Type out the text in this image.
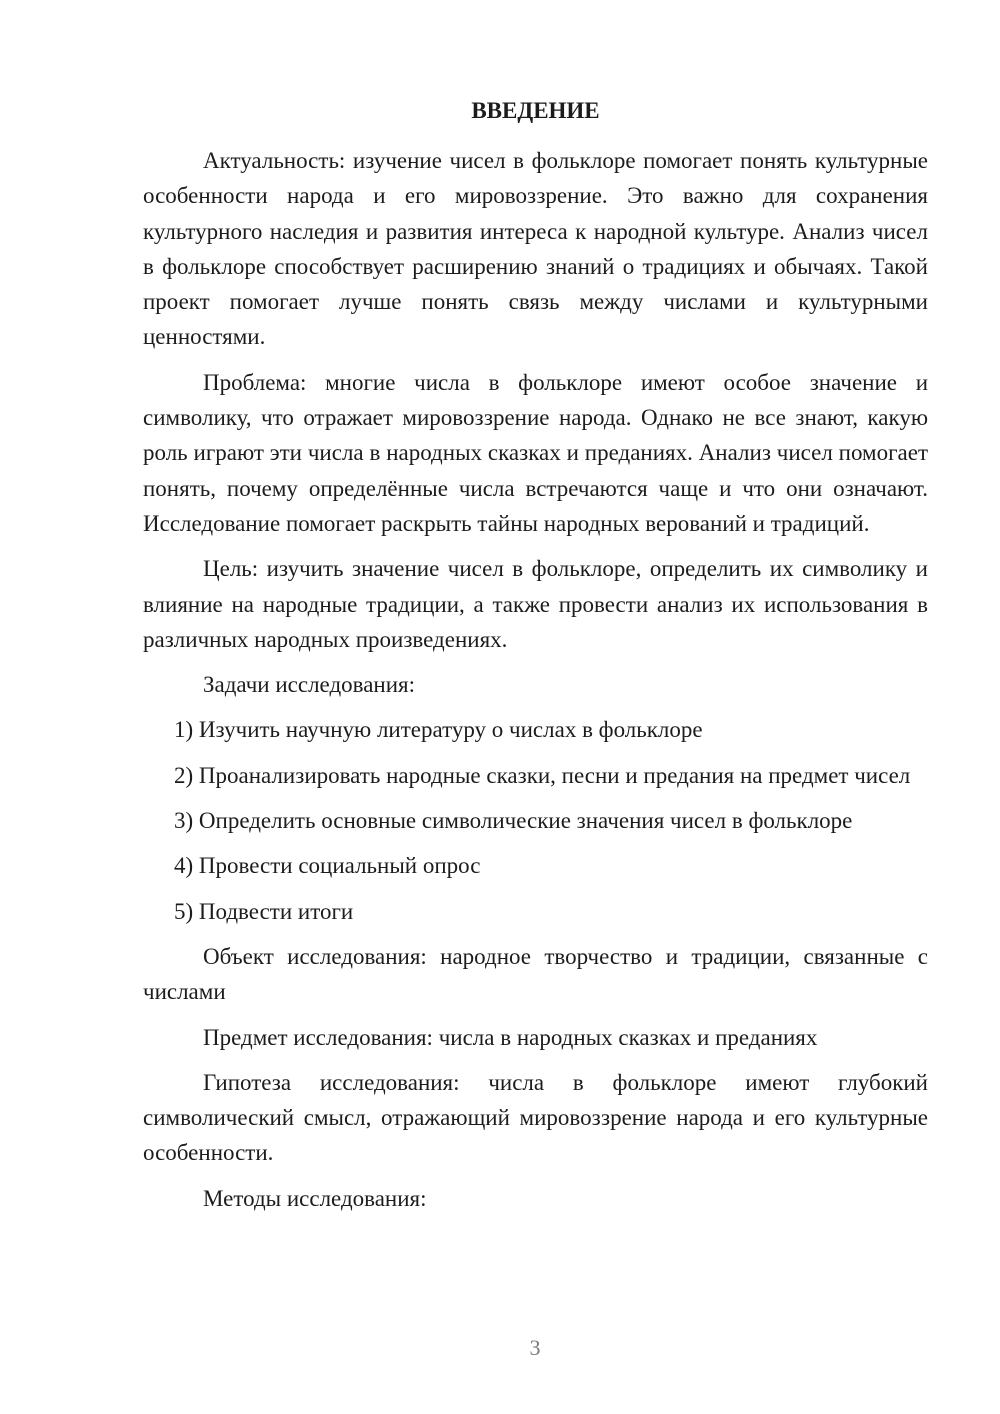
ВВЕДЕНИЕ

Актуальность: изучение чисел в фольклоре помогает понять культурные особенности народа и его мировоззрение. Это важно для сохранения культурного наследия и развития интереса к народной культуре. Анализ чисел в фольклоре способствует расширению знаний о традициях и обычаях. Такой проект помогает лучше понять связь между числами и культурными ценностями.

Проблема: многие числа в фольклоре имеют особое значение и символику, что отражает мировоззрение народа. Однако не все знают, какую роль играют эти числа в народных сказках и преданиях. Анализ чисел помогает понять, почему определённые числа встречаются чаще и что они означают. Исследование помогает раскрыть тайны народных верований и традиций.

Цель: изучить значение чисел в фольклоре, определить их символику и влияние на народные традиции, а также провести анализ их использования в различных народных произведениях.

Задачи исследования:

1) Изучить научную литературу о числах в фольклоре

2) Проанализировать народные сказки, песни и предания на предмет чисел

3) Определить основные символические значения чисел в фольклоре

4) Провести социальный опрос

5) Подвести итоги

Объект исследования: народное творчество и традиции, связанные с числами

Предмет исследования: числа в народных сказках и преданиях

Гипотеза исследования: числа в фольклоре имеют глубокий символический смысл, отражающий мировоззрение народа и его культурные особенности.

Методы исследования:

3
